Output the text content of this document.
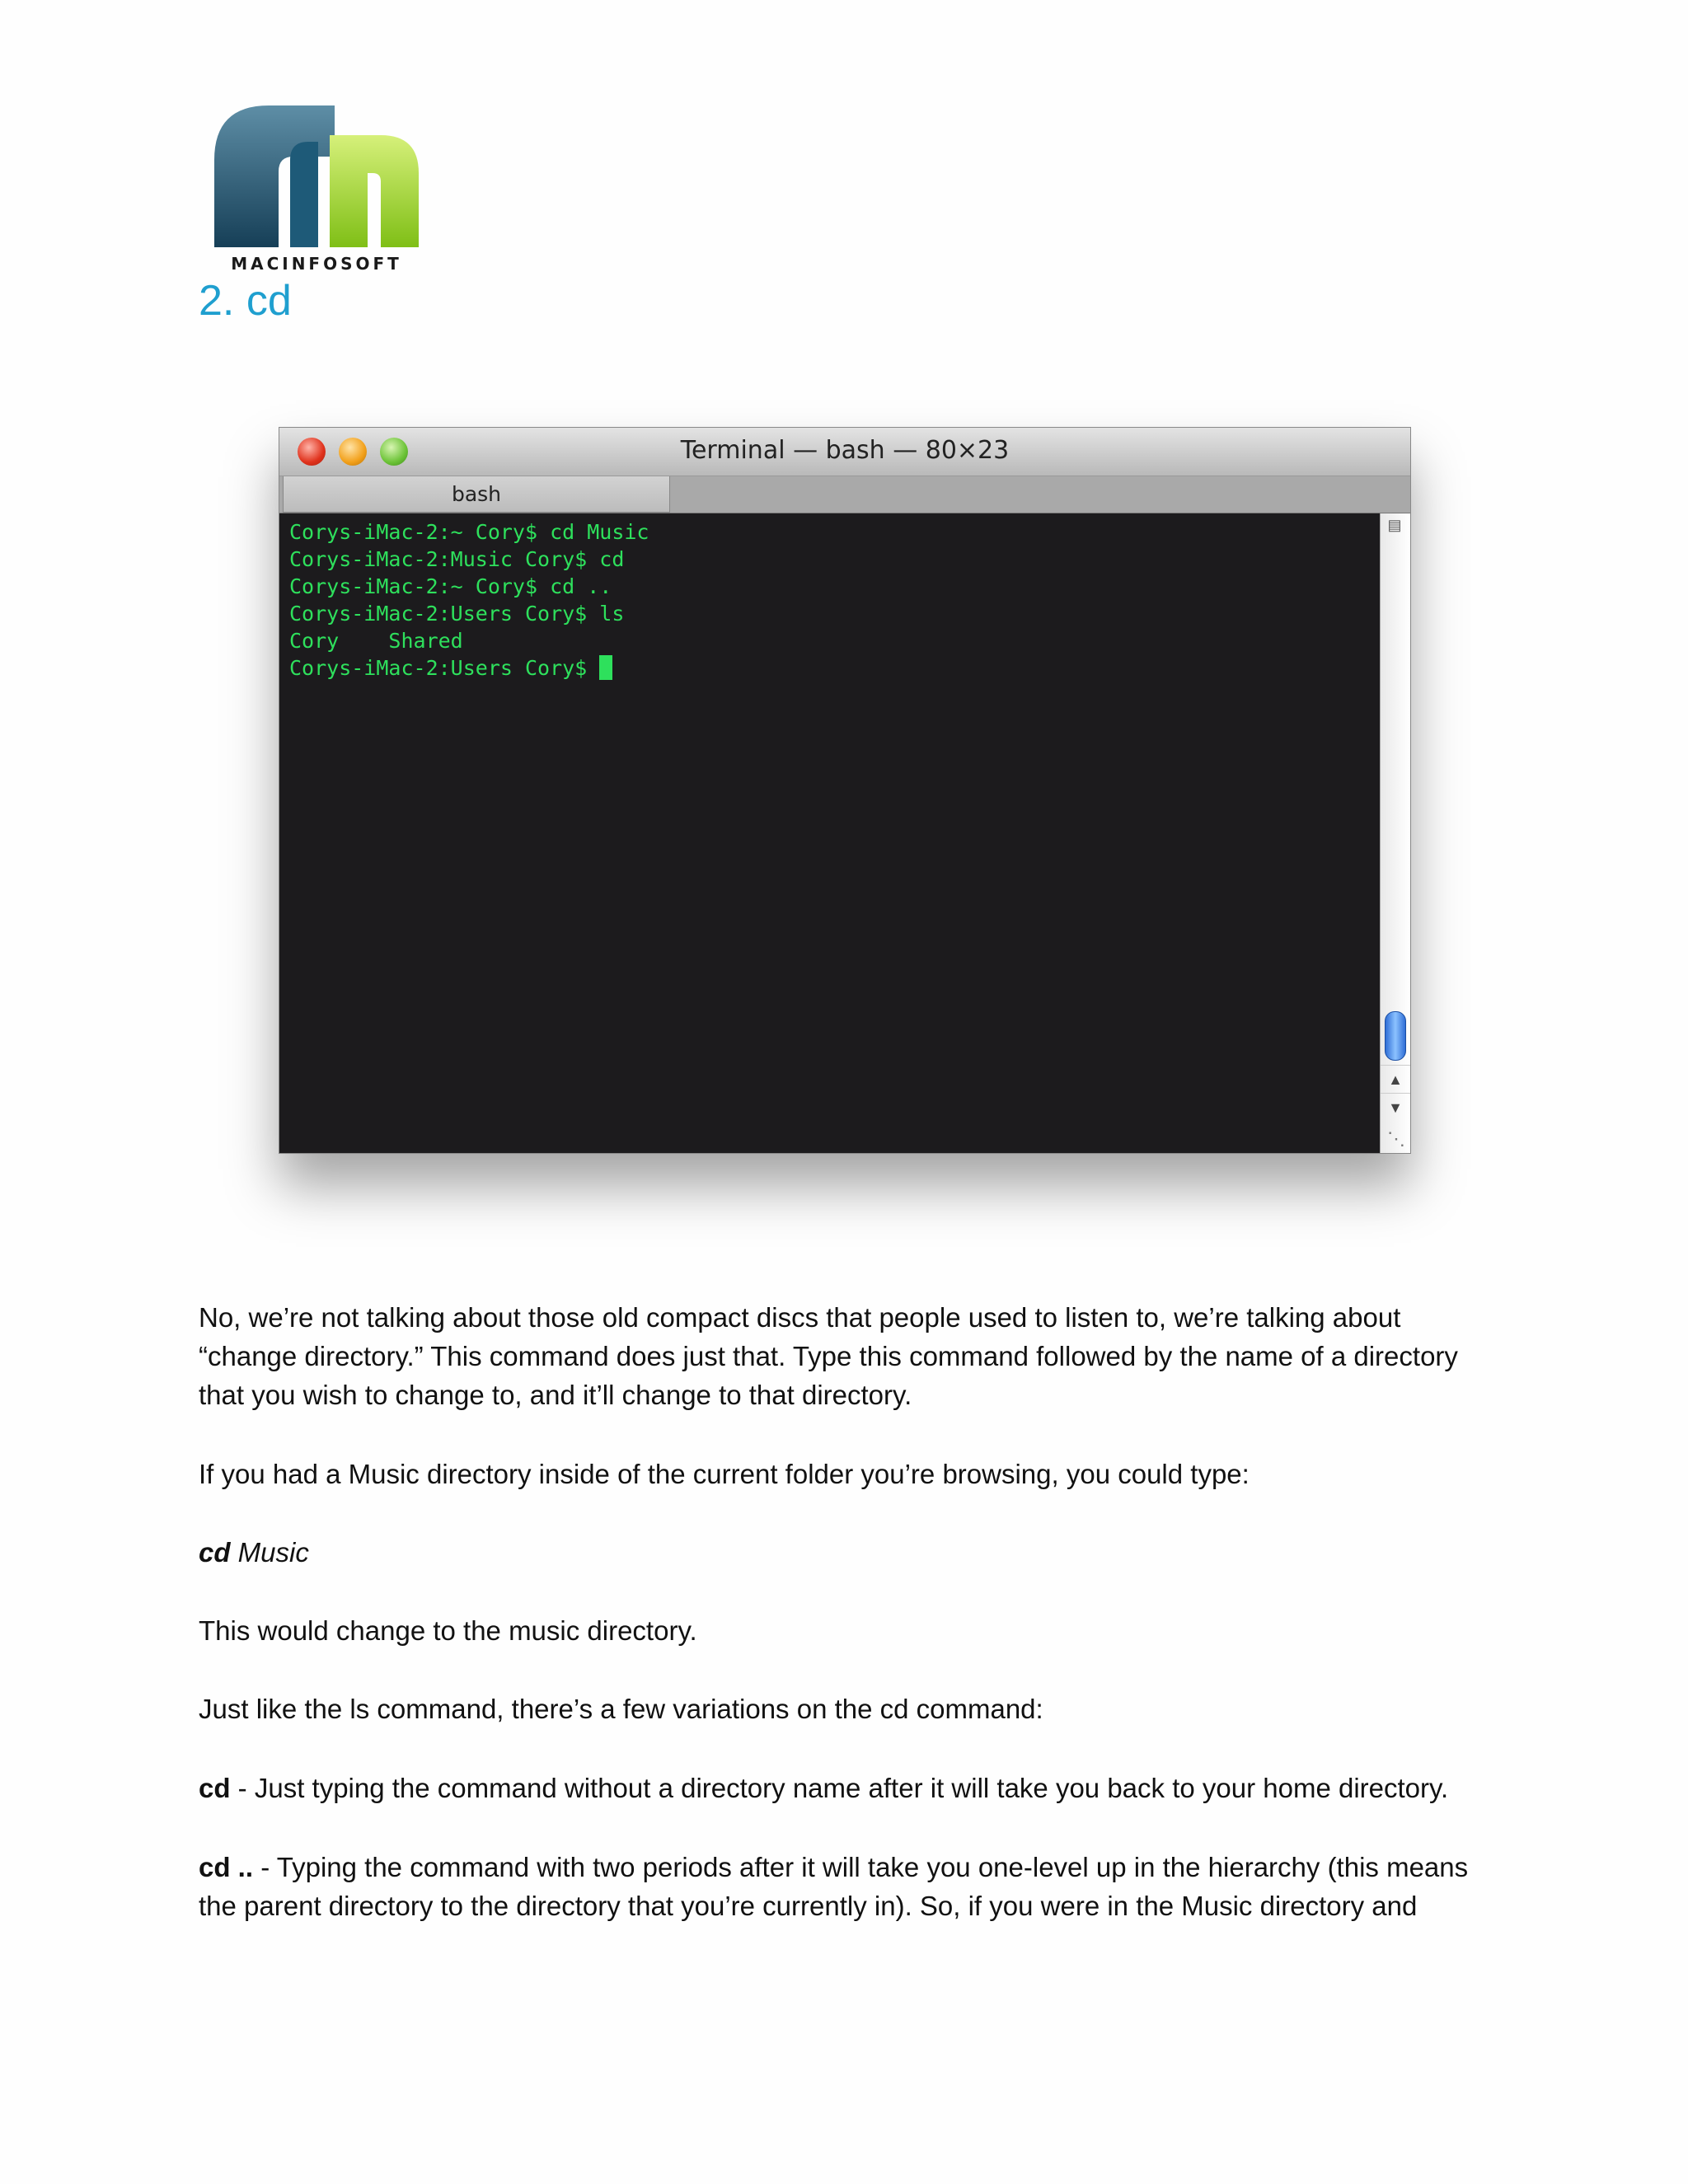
MACINFOSOFT
2. cd
Terminal — bash — 80×23
bash

Corys-iMac-2:~ Cory$ cd Music

Corys-iMac-2:Music Cory$ cd

Corys-iMac-2:~ Cory$ cd ..

Corys-iMac-2:Users Cory$ ls

Cory    Shared

Corys-iMac-2:Users Cory$

▤
▲
▼
⋱

No, we’re not talking about those old compact discs that people used to listen to, we’re talking about “change directory.” This command does just that. Type this command followed by the name of a directory that you wish to change to, and it’ll change to that directory.

If you had a Music directory inside of the current folder you’re browsing, you could type:

cd Music

This would change to the music directory.

Just like the ls command, there’s a few variations on the cd command:

cd - Just typing the command without a directory name after it will take you back to your home directory.

cd .. - Typing the command with two periods after it will take you one-level up in the hierarchy (this means the parent directory to the directory that you’re currently in). So, if you were in the Music directory and
